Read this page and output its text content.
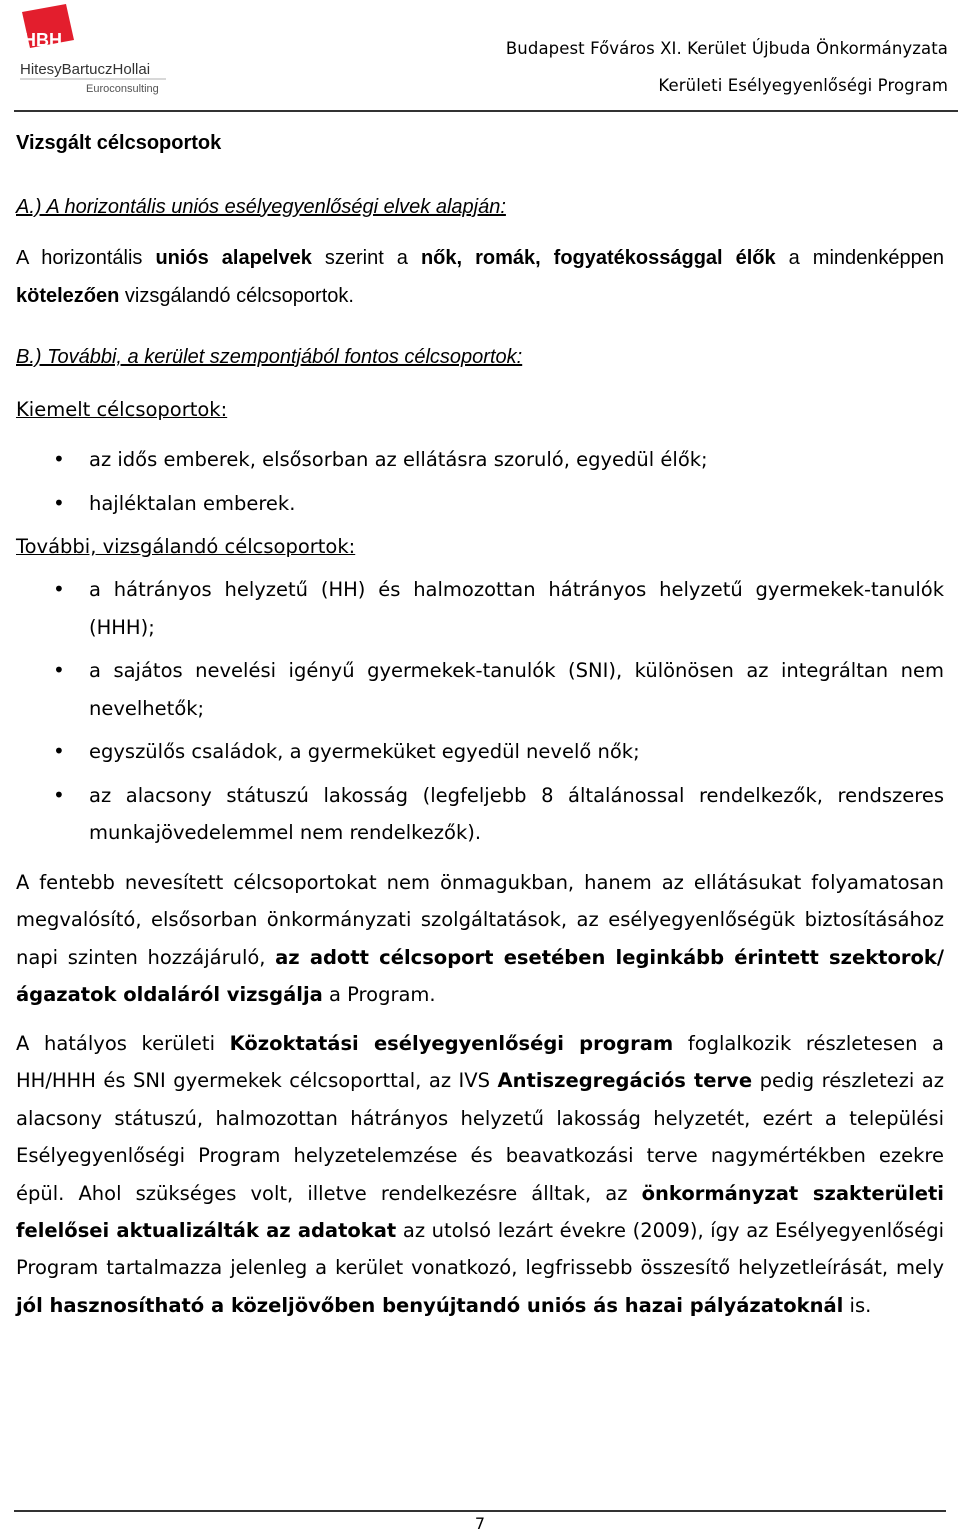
HBH
HitesyBartuczHollai
Euroconsulting
Budapest Főváros XI. Kerület Újbuda Önkormányzata
Kerületi Esélyegyenlőségi Program
Vizsgált célcsoportok
A.) A horizontális uniós esélyegyenlőségi elvek alapján:
A horizontális uniós alapelvek szerint a nők, romák, fogyatékossággal élők a mindenképpen kötelezően vizsgálandó célcsoportok.
B.) További, a kerület szempontjából fontos célcsoportok:
Kiemelt célcsoportok:
• az idős emberek, elsősorban az ellátásra szoruló, egyedül élők;
• hajléktalan emberek.
További, vizsgálandó célcsoportok:
• a hátrányos helyzetű (HH) és halmozottan hátrányos helyzetű gyermekek-tanulók (HHH);
• a sajátos nevelési igényű gyermekek-tanulók (SNI), különösen az integráltan nem nevelhetők;
• egyszülős családok, a gyermeküket egyedül nevelő nők;
• az alacsony státuszú lakosság (legfeljebb 8 általánossal rendelkezők, rendszeres munkajövedelemmel nem rendelkezők).
A fentebb nevesített célcsoportokat nem önmagukban, hanem az ellátásukat folyamatosan megvalósító, elsősorban önkormányzati szolgáltatások, az esélyegyenlőségük biztosításához napi szinten hozzájáruló, az adott célcsoport esetében leginkább érintett szektorok/ágazatok oldaláról vizsgálja a Program.
A hatályos kerületi Közoktatási esélyegyenlőségi program foglalkozik részletesen a HH/HHH és SNI gyermekek célcsoporttal, az IVS Antiszegregációs terve pedig részletezi az alacsony státuszú, halmozottan hátrányos helyzetű lakosság helyzetét, ezért a települési Esélyegyenlőségi Program helyzetelemzése és beavatkozási terve nagymértékben ezekre épül. Ahol szükséges volt, illetve rendelkezésre álltak, az önkormányzat szakterületi felelősei aktualizálták az adatokat az utolsó lezárt évekre (2009), így az Esélyegyenlőségi Program tartalmazza jelenleg a kerület vonatkozó, legfrissebb összesítő helyzetleírását, mely jól hasznosítható a közeljövőben benyújtandó uniós ás hazai pályázatoknál is.
7
